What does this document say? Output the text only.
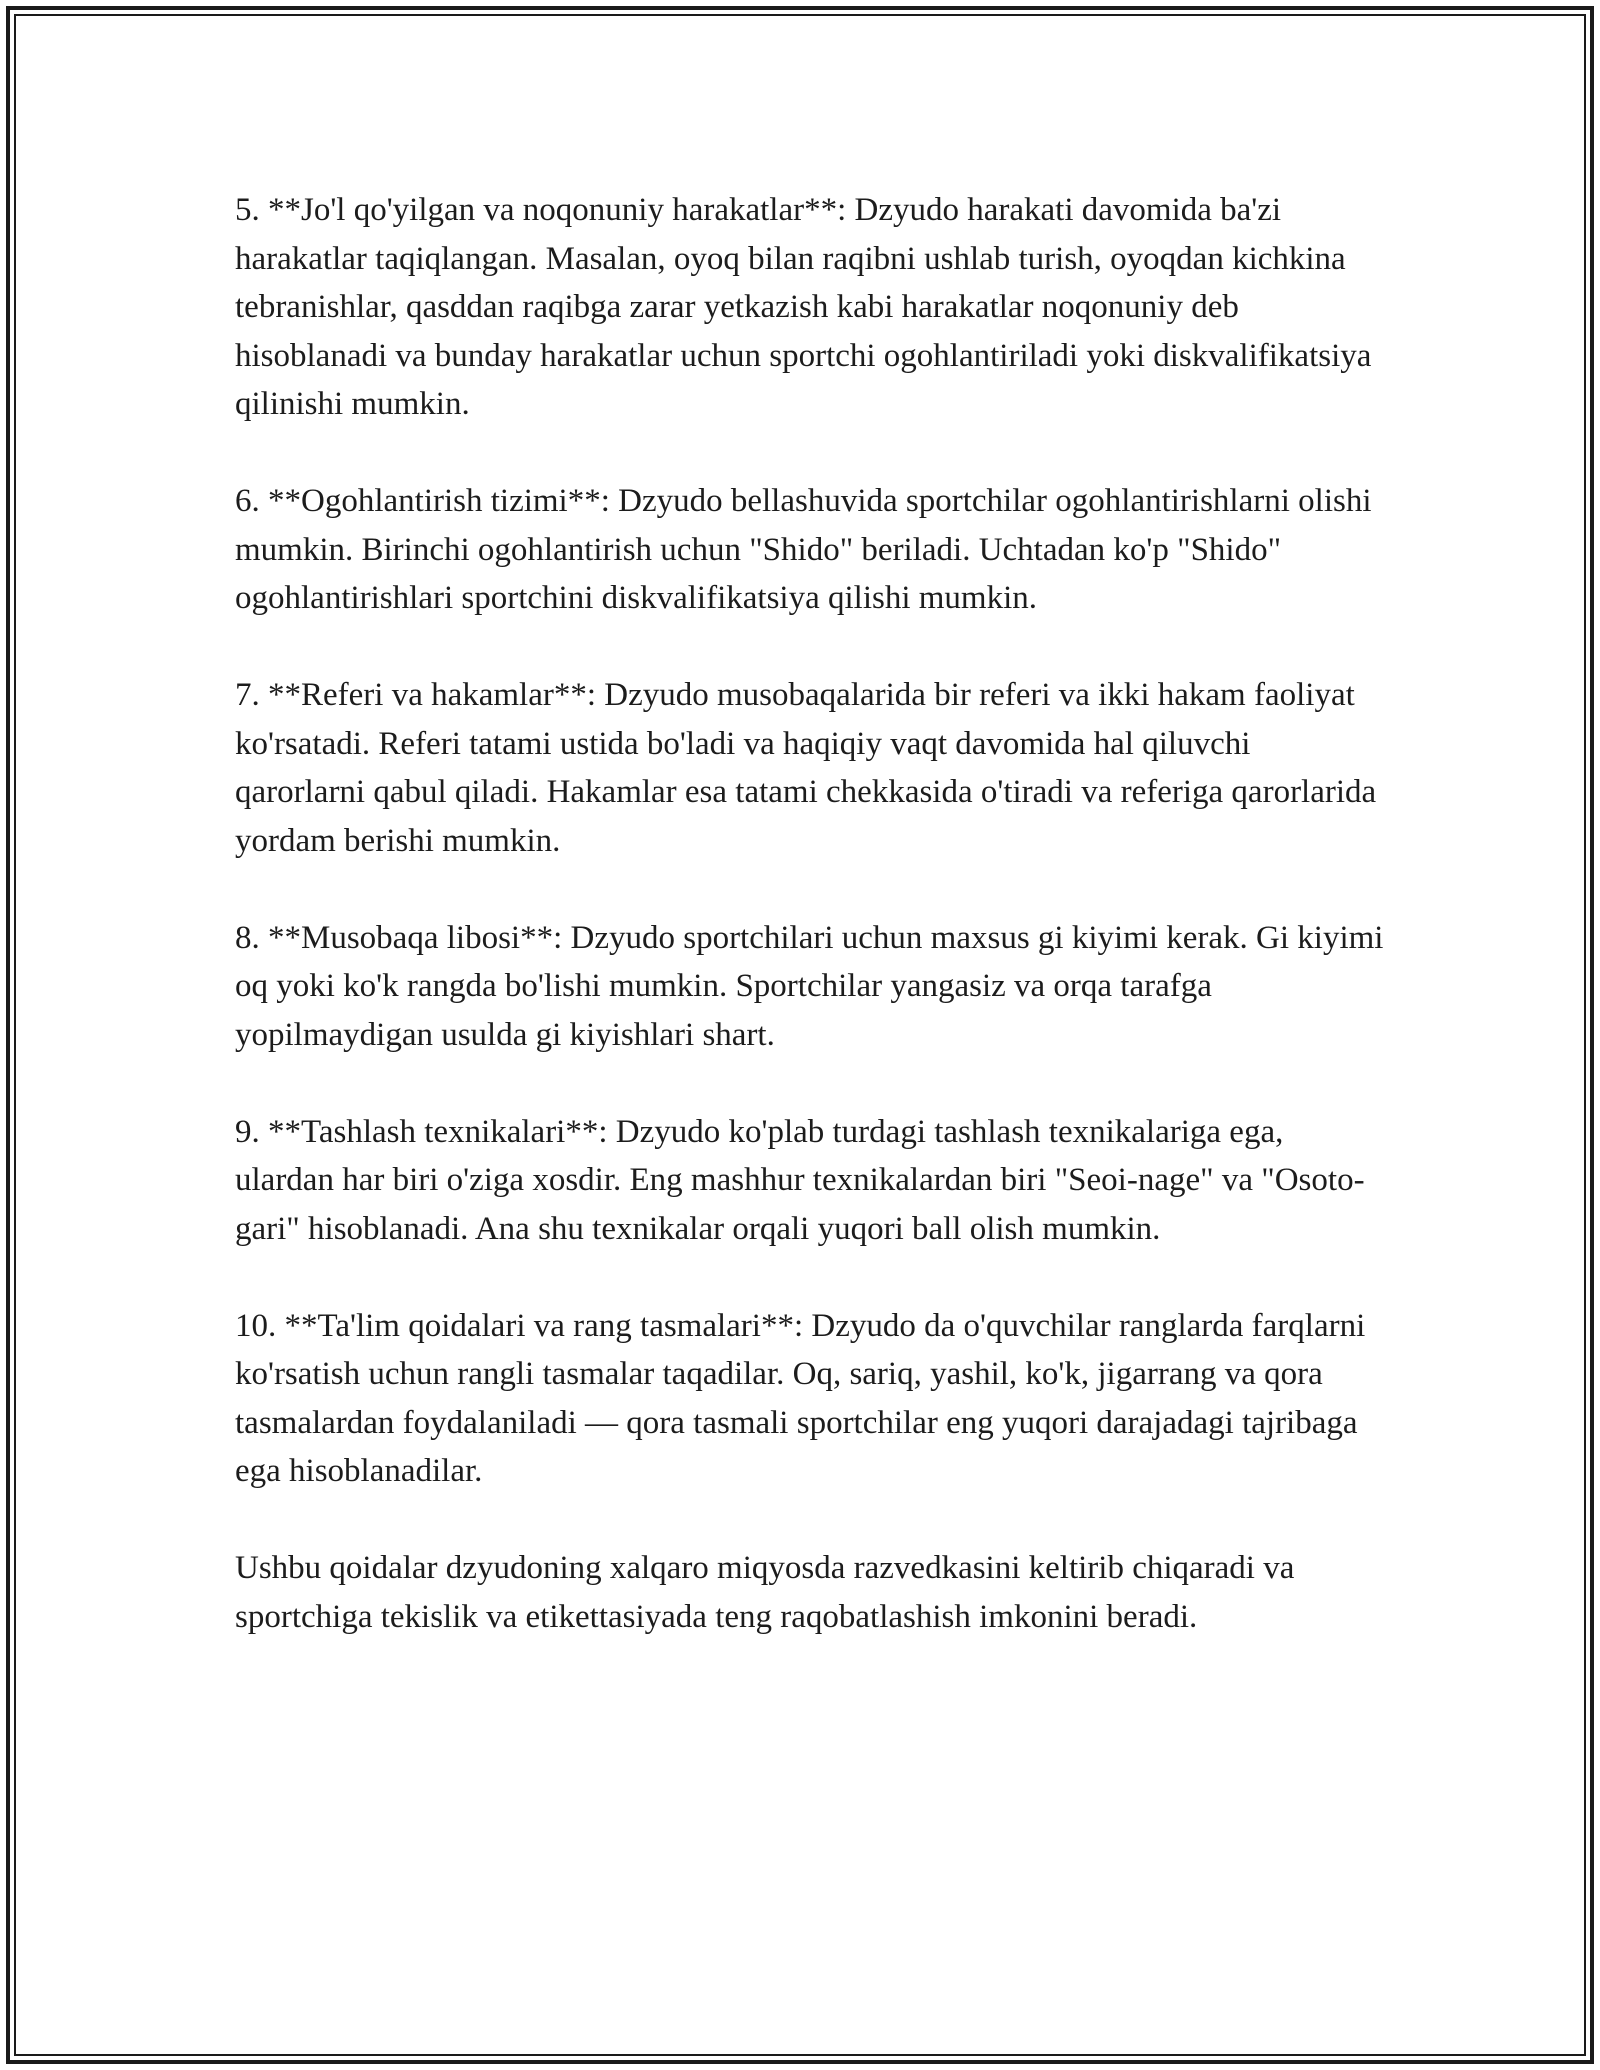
5. **Jo'l qo'yilgan va noqonuniy harakatlar**: Dzyudo harakati davomida ba'zi harakatlar taqiqlangan. Masalan, oyoq bilan raqibni ushlab turish, oyoqdan kichkina tebranishlar, qasddan raqibga zarar yetkazish kabi harakatlar noqonuniy deb hisoblanadi va bunday harakatlar uchun sportchi ogohlantiriladi yoki diskvalifikatsiya qilinishi mumkin.

6. **Ogohlantirish tizimi**: Dzyudo bellashuvida sportchilar ogohlantirishlarni olishi mumkin. Birinchi ogohlantirish uchun "Shido" beriladi. Uchtadan ko'p "Shido" ogohlantirishlari sportchini diskvalifikatsiya qilishi mumkin.

7. **Referi va hakamlar**: Dzyudo musobaqalarida bir referi va ikki hakam faoliyat ko'rsatadi. Referi tatami ustida bo'ladi va haqiqiy vaqt davomida hal qiluvchi qarorlarni qabul qiladi. Hakamlar esa tatami chekkasida o'tiradi va referiga qarorlarida yordam berishi mumkin.

8. **Musobaqa libosi**: Dzyudo sportchilari uchun maxsus gi kiyimi kerak. Gi kiyimi oq yoki ko'k rangda bo'lishi mumkin. Sportchilar yangasiz va orqa tarafga yopilmaydigan usulda gi kiyishlari shart.

9. **Tashlash texnikalari**: Dzyudo ko'plab turdagi tashlash texnikalariga ega, ulardan har biri o'ziga xosdir. Eng mashhur texnikalardan biri "Seoi-nage" va "Osoto-gari" hisoblanadi. Ana shu texnikalar orqali yuqori ball olish mumkin.

10. **Ta'lim qoidalari va rang tasmalari**: Dzyudo da o'quvchilar ranglarda farqlarni ko'rsatish uchun rangli tasmalar taqadilar. Oq, sariq, yashil, ko'k, jigarrang va qora tasmalardan foydalaniladi — qora tasmali sportchilar eng yuqori darajadagi tajribaga ega hisoblanadilar.

Ushbu qoidalar dzyudoning xalqaro miqyosda razvedkasini keltirib chiqaradi va sportchiga tekislik va etikettasiyada teng raqobatlashish imkonini beradi.
